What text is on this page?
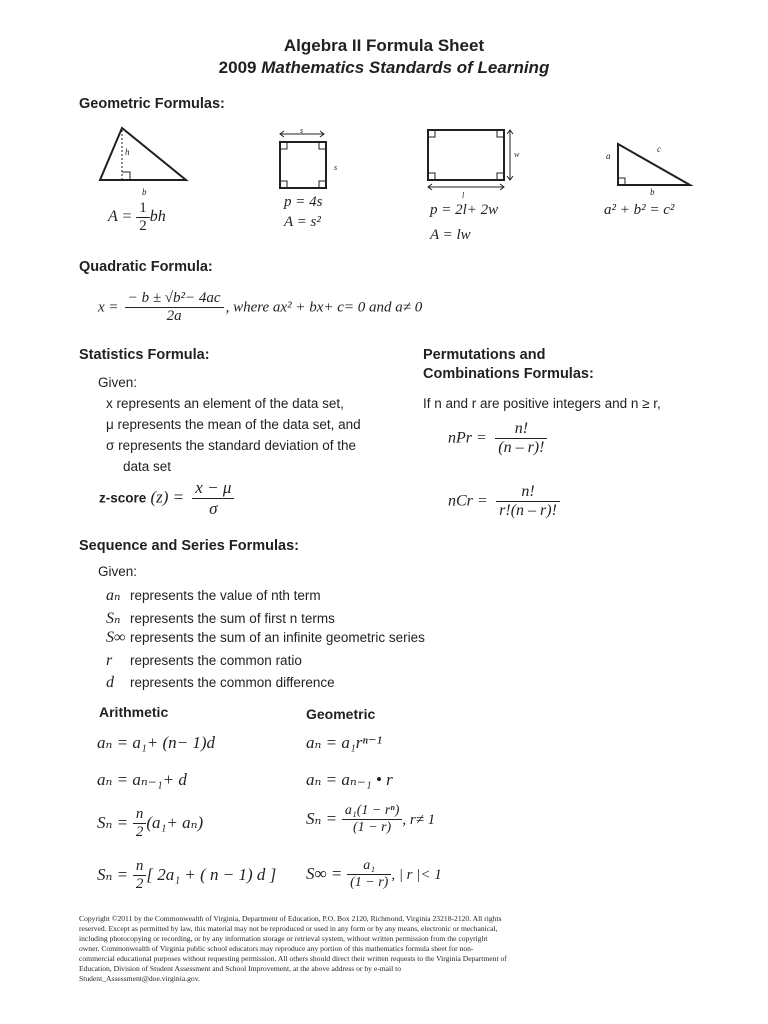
Algebra II Formula Sheet
2009 Mathematics Standards of Learning
Geometric Formulas:
h
b
$A = \frac{1}{2}$ bh
s
s
p = 4s
A = s²
w
l
p = 2l+ 2w
A = lw
a
c
b
a² + b² = c²
Quadratic Formula:
$x = \frac{\text{− b ± √b²− 4ac}}{2a}$ , where ax² + bx+ c= 0 and a≠ 0
Statistics Formula:
Given:
x represents an element of the data set,
μ represents the mean of the data set, and
σ represents the standard deviation of the
data set
z-score $(z) = \frac{x - \mu}{\sigma}$
Permutations and
Combinations Formulas:
If n and r are positive integers and n ≥ r,
nPr = $\frac{n!}{(n - r)!}$
nCr = $\frac{n!}{r!(n - r)!}$
Sequence and Series Formulas:
Given:
aₙ represents the value of nth term
Sₙ represents the sum of first n terms
S∞ represents the sum of an infinite geometric series
r represents the common ratio
d represents the common difference
Arithmetic	Geometric
aₙ = a₁+ (n− 1)d
aₙ = aₙ₋₁+ d
$S_n = \frac{n}{2} (a_1+ a_n)$
$S_n = \frac{n}{2}$ [ 2a₁ + ( n − 1) d ]
aₙ = a₁rⁿ⁻¹
aₙ = aₙ₋₁ • r
$S_n = \frac{\text{a₁(1 − rⁿ)}}{(1 - r)}$ , r≠ 1
$S\infty = \frac{\text{a₁}}{(1 - r)}$ , | r |< 1
Copyright ©2011 by the Commonwealth of Virginia, Department of Education, P.O. Box 2120, Richmond, Virginia 23218-2120. All rights reserved. Except as permitted by law, this material may not be reproduced or used in any form or by any means, electronic or mechanical, including photocopying or recording, or by any information storage or retrieval system, without written permission from the copyright owner. Commonwealth of Virginia public school educators may reproduce any portion of this mathematics formula sheet for non-commercial educational purposes without requesting permission. All others should direct their written requests to the Virginia Department of Education, Division of Student Assessment and School Improvement, at the above address or by e-mail to Student_Assessment@doe.virginia.gov.
